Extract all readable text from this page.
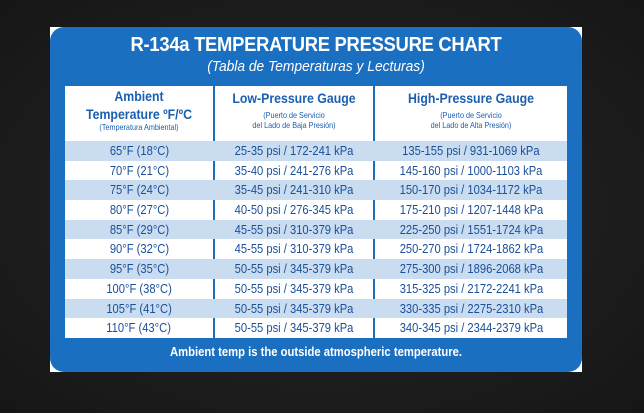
R-134a TEMPERATURE PRESSURE CHART
(Tabla de Temperaturas y Lecturas)
Ambient
Temperature ºF/ºC
(Temperatura Ambiental)
Low-Pressure Gauge
(Puerto de Servicio
del Lado de Baja Presión)
High-Pressure Gauge
(Puerto de Servicio
del Lado de Alta Presión)
65°F (18°C)	25-35 psi / 172-241 kPa	135-155 psi / 931-1069 kPa
70°F (21°C)	35-40 psi / 241-276 kPa	145-160 psi / 1000-1103 kPa
75°F (24°C)	35-45 psi / 241-310 kPa	150-170 psi / 1034-1172 kPa
80°F (27°C)	40-50 psi / 276-345 kPa	175-210 psi / 1207-1448 kPa
85°F (29°C)	45-55 psi / 310-379 kPa	225-250 psi / 1551-1724 kPa
90°F (32°C)	45-55 psi / 310-379 kPa	250-270 psi / 1724-1862 kPa
95°F (35°C)	50-55 psi / 345-379 kPa	275-300 psi / 1896-2068 kPa
100°F (38°C)	50-55 psi / 345-379 kPa	315-325 psi / 2172-2241 kPa
105°F (41°C)	50-55 psi / 345-379 kPa	330-335 psi / 2275-2310 kPa
110°F (43°C)	50-55 psi / 345-379 kPa	340-345 psi / 2344-2379 kPa
Ambient temp is the outside atmospheric temperature.
